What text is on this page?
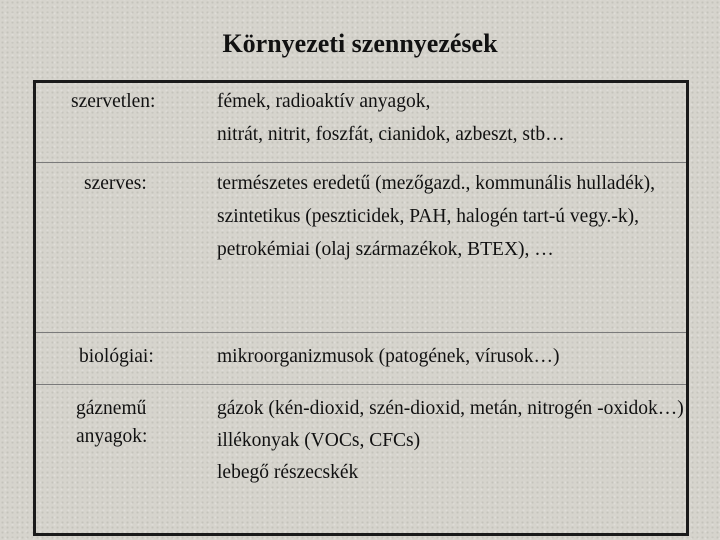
Környezeti szennyezések
szervetlen:	fémek, radioaktív anyagok,
nitrát, nitrit, foszfát, cianidok, azbeszt, stb…

szerves:	természetes eredetű (mezőgazd., kommunális hulladék),
szintetikus (peszticidek, PAH, halogén tart-ú vegy.-k),
petrokémiai (olaj származékok, BTEX), …

biológiai:	mikroorganizmusok (patogének, vírusok…)

gáznemű anyagok:	gázok (kén-dioxid, szén-dioxid, metán, nitrogén -oxidok…)
illékonyak (VOCs, CFCs)
lebegő részecskék
